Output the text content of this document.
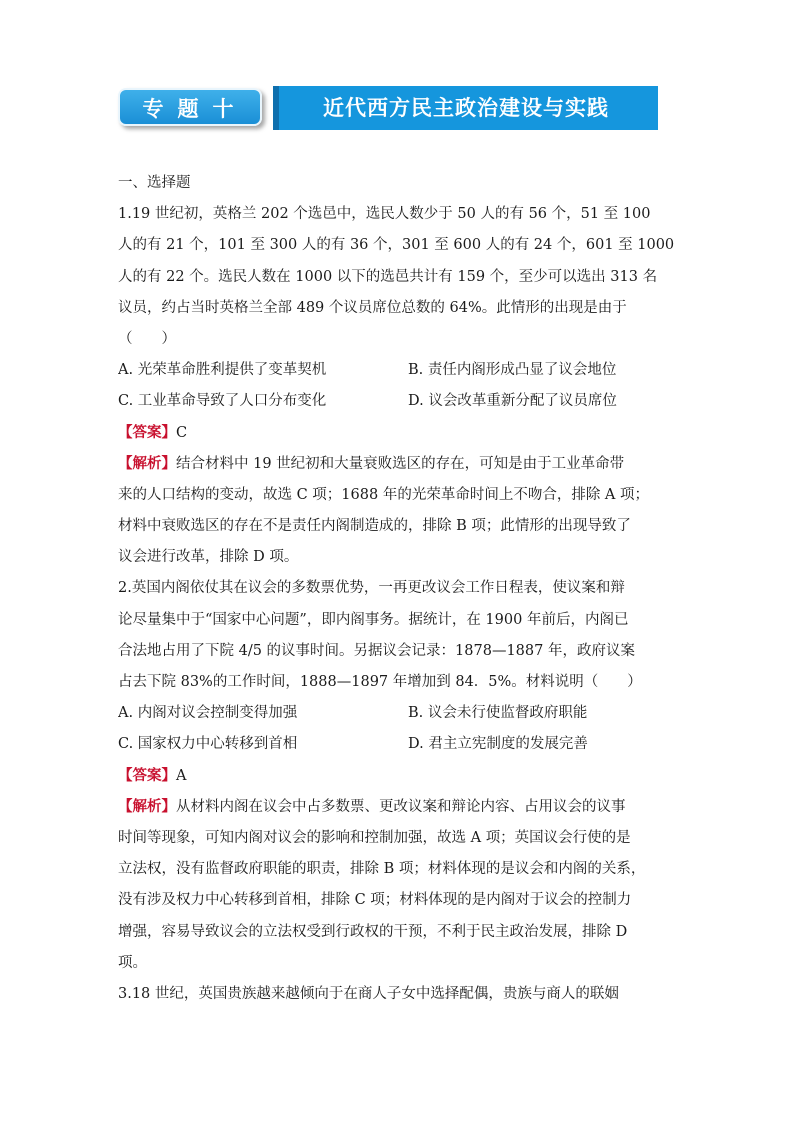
专题十	近代西方民主政治建设与实践
一、选择题
1.19 世纪初，英格兰 202 个选邑中，选民人数少于 50 人的有 56 个，51 至 100
人的有 21 个，101 至 300 人的有 36 个，301 至 600 人的有 24 个，601 至 1000
人的有 22 个。选民人数在 1000 以下的选邑共计有 159 个，至少可以选出 313 名
议员，约占当时英格兰全部 489 个议员席位总数的 64%。此情形的出现是由于
（　　）
A. 光荣革命胜利提供了变革契机	B. 责任内阁形成凸显了议会地位
C. 工业革命导致了人口分布变化	D. 议会改革重新分配了议员席位
【答案】C
【解析】结合材料中 19 世纪初和大量衰败选区的存在，可知是由于工业革命带
来的人口结构的变动，故选 C 项；1688 年的光荣革命时间上不吻合，排除 A 项；
材料中衰败选区的存在不是责任内阁制造成的，排除 B 项；此情形的出现导致了
议会进行改革，排除 D 项。
2.英国内阁依仗其在议会的多数票优势，一再更改议会工作日程表，使议案和辩
论尽量集中于“国家中心问题”，即内阁事务。据统计，在 1900 年前后，内阁已
合法地占用了下院 4/5 的议事时间。另据议会记录：1878—1887 年，政府议案
占去下院 83%的工作时间，1888—1897 年增加到 84．5%。材料说明（　　）
A. 内阁对议会控制变得加强	B. 议会未行使监督政府职能
C. 国家权力中心转移到首相	D. 君主立宪制度的发展完善
【答案】A
【解析】从材料内阁在议会中占多数票、更改议案和辩论内容、占用议会的议事
时间等现象，可知内阁对议会的影响和控制加强，故选 A 项；英国议会行使的是
立法权，没有监督政府职能的职责，排除 B 项；材料体现的是议会和内阁的关系，
没有涉及权力中心转移到首相，排除 C 项；材料体现的是内阁对于议会的控制力
增强，容易导致议会的立法权受到行政权的干预，不利于民主政治发展，排除 D
项。
3.18 世纪，英国贵族越来越倾向于在商人子女中选择配偶，贵族与商人的联姻
